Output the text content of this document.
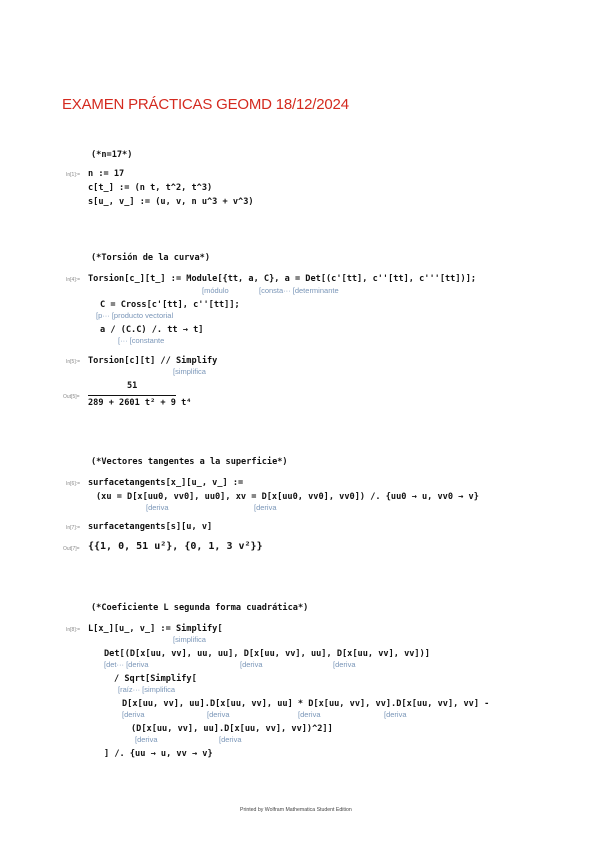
EXAMEN PRÁCTICAS GEOMD 18/12/2024
(*n=17*)
In[1]:= n := 17
c[t_] := (n t, t^2, t^3)
s[u_, v_] := (u, v, n u^3 + v^3)
(*Torsión de la curva*)
In[4]:= Torsion[c_][t_] := Module[{tt, a, C}, a = Det[(c'[tt], c''[tt], c'''[tt])];
[módulo	[consta··· [determinante
C = Cross[c'[tt], c''[tt]];
[p··· [producto vectorial
a / (C.C) /. tt → t]
[··· [constante
In[5]:= Torsion[c][t] // Simplify
[simplifica
51
Out[5]=
289 + 2601 t² + 9 t⁴
(*Vectores tangentes a la superficie*)
In[6]:= surfacetangents[x_][u_, v_] :=
(xu = D[x[uu0, vv0], uu0], xv = D[x[uu0, vv0], vv0]) /. {uu0 → u, vv0 → v}
[deriva	[deriva
In[7]:= surfacetangents[s][u, v]
Out[7]= {{1, 0, 51 u²}, {0, 1, 3 v²}}
(*Coeficiente L segunda forma cuadrática*)
In[8]:= L[x_][u_, v_] := Simplify[
[simplifica
Det[(D[x[uu, vv], uu, uu], D[x[uu, vv], uu], D[x[uu, vv], vv])]
[det··· [deriva	[deriva	[deriva
/ Sqrt[Simplify[
[raíz··· [simplifica
D[x[uu, vv], uu].D[x[uu, vv], uu] * D[x[uu, vv], vv].D[x[uu, vv], vv] -
[deriva	[deriva	[deriva	[deriva
(D[x[uu, vv], uu].D[x[uu, vv], vv])^2]]
[deriva	[deriva
] /. {uu → u, vv → v}
Printed by Wolfram Mathematica Student Edition
